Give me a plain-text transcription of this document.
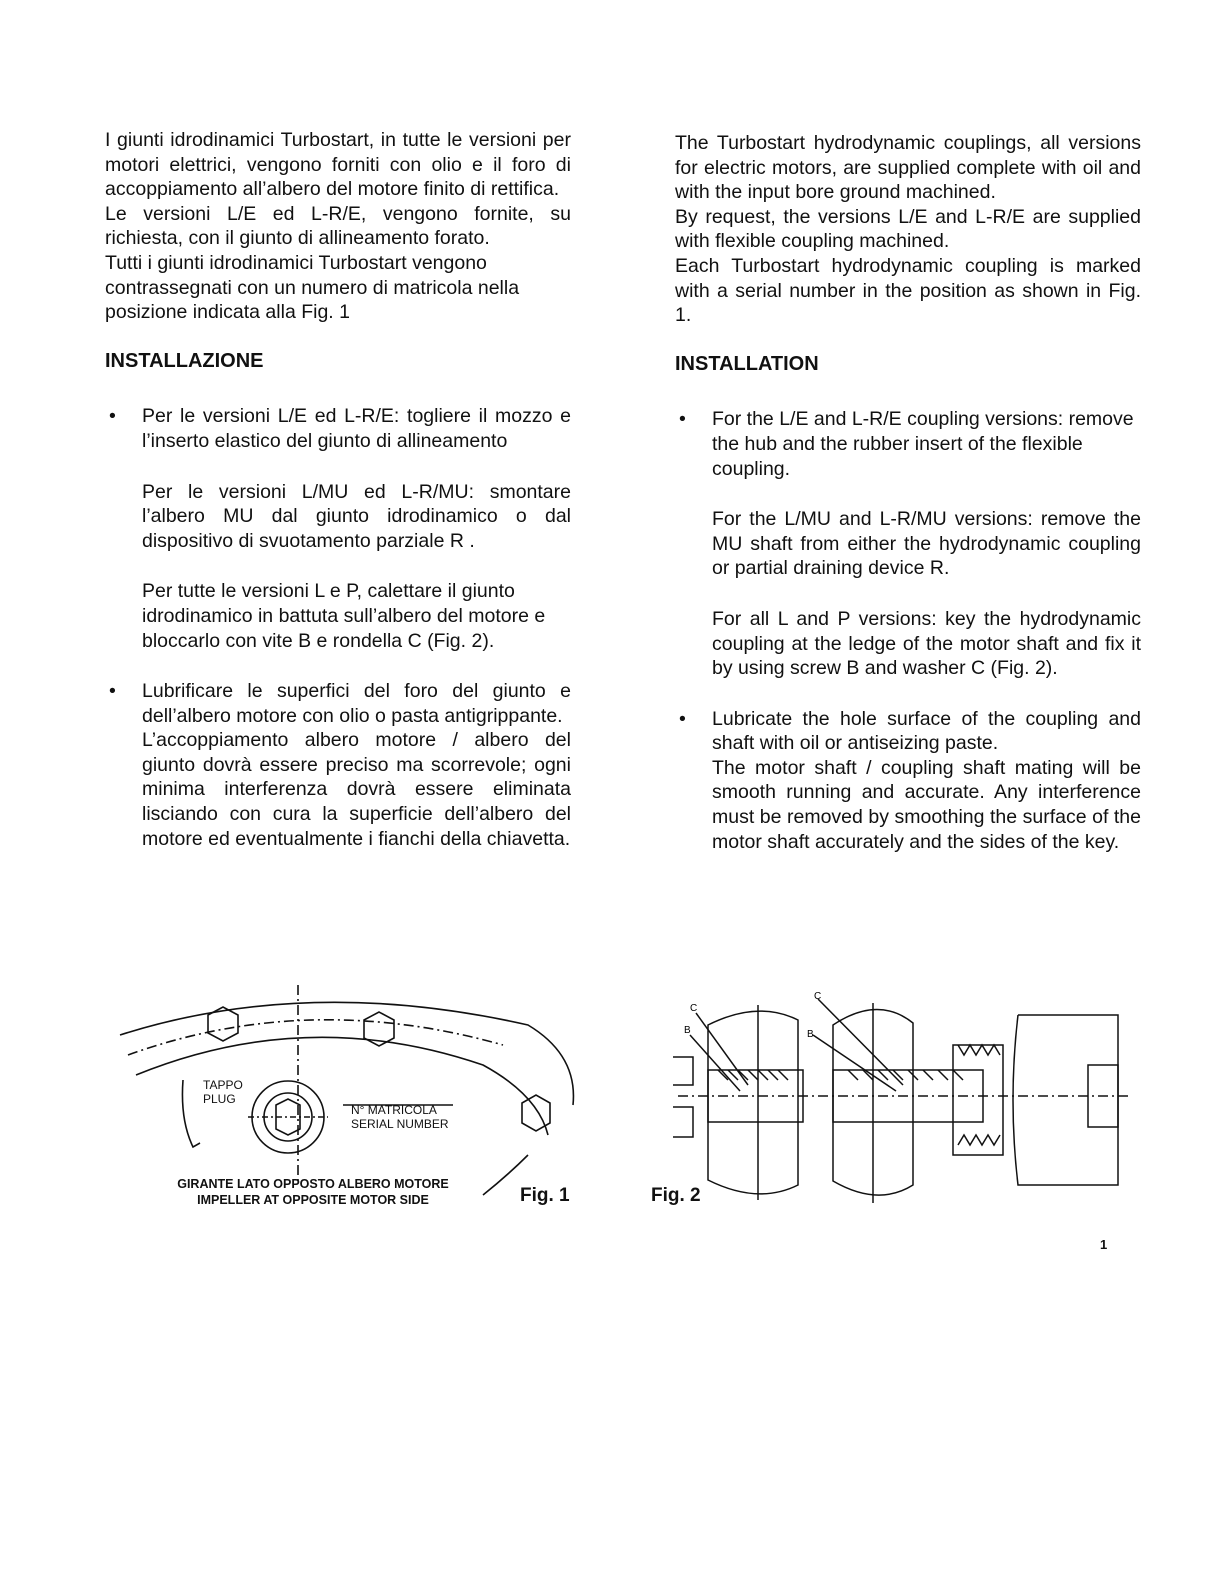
I giunti idrodinamici Turbostart, in tutte le versioni per motori elettrici, vengono forniti con olio e il foro di accoppiamento all’albero del motore finito di rettifica.

Le versioni L/E ed L-R/E, vengono fornite, su richiesta, con il giunto di allineamento forato.

Tutti i giunti idrodinamici Turbostart vengono contrassegnati con un numero di matricola nella posizione indicata alla Fig. 1

INSTALLAZIONE

• Per le versioni L/E ed L-R/E: togliere il mozzo e l’inserto elastico del giunto di allineamento

Per le versioni L/MU ed L-R/MU: smontare l’albero MU dal giunto idrodinamico o dal dispositivo di svuotamento parziale R .

Per tutte le versioni L e P, calettare il giunto idrodinamico in battuta sull’albero del motore e bloccarlo con vite B e rondella C (Fig. 2).

• Lubrificare le superfici del foro del giunto e dell’albero motore con olio o pasta antigrippante.

L’accoppiamento albero motore / albero del giunto dovrà essere preciso ma scorrevole; ogni minima interferenza dovrà essere eliminata lisciando con cura la superficie dell’albero del motore ed eventualmente i fianchi della chiavetta.

The Turbostart hydrodynamic couplings, all versions for electric motors, are supplied complete with oil and with the input bore ground machined.

By request, the versions L/E and L-R/E are supplied with flexible coupling machined.

Each Turbostart hydrodynamic coupling is marked with a serial number in the position as shown in Fig. 1.

INSTALLATION

• For the L/E and L-R/E coupling versions: remove the hub and the rubber insert of the flexible coupling.

For the L/MU and L-R/MU versions: remove the MU shaft from either the hydrodynamic coupling or partial draining device R.

For all L and P versions: key the hydrodynamic coupling at the ledge of the motor shaft and fix it by using screw B and washer C (Fig. 2).

• Lubricate the hole surface of the coupling and shaft with oil or antiseizing paste.

The motor shaft / coupling shaft mating will be smooth running and accurate. Any interference must be removed by smoothing the surface of the motor shaft accurately and the sides of the key.

TAPPO
PLUG
N° MATRICOLA
SERIAL NUMBER
GIRANTE LATO OPPOSTO ALBERO MOTORE
IMPELLER AT OPPOSITE MOTOR SIDE	Fig. 1
C
B
C
B
Fig. 2
1
